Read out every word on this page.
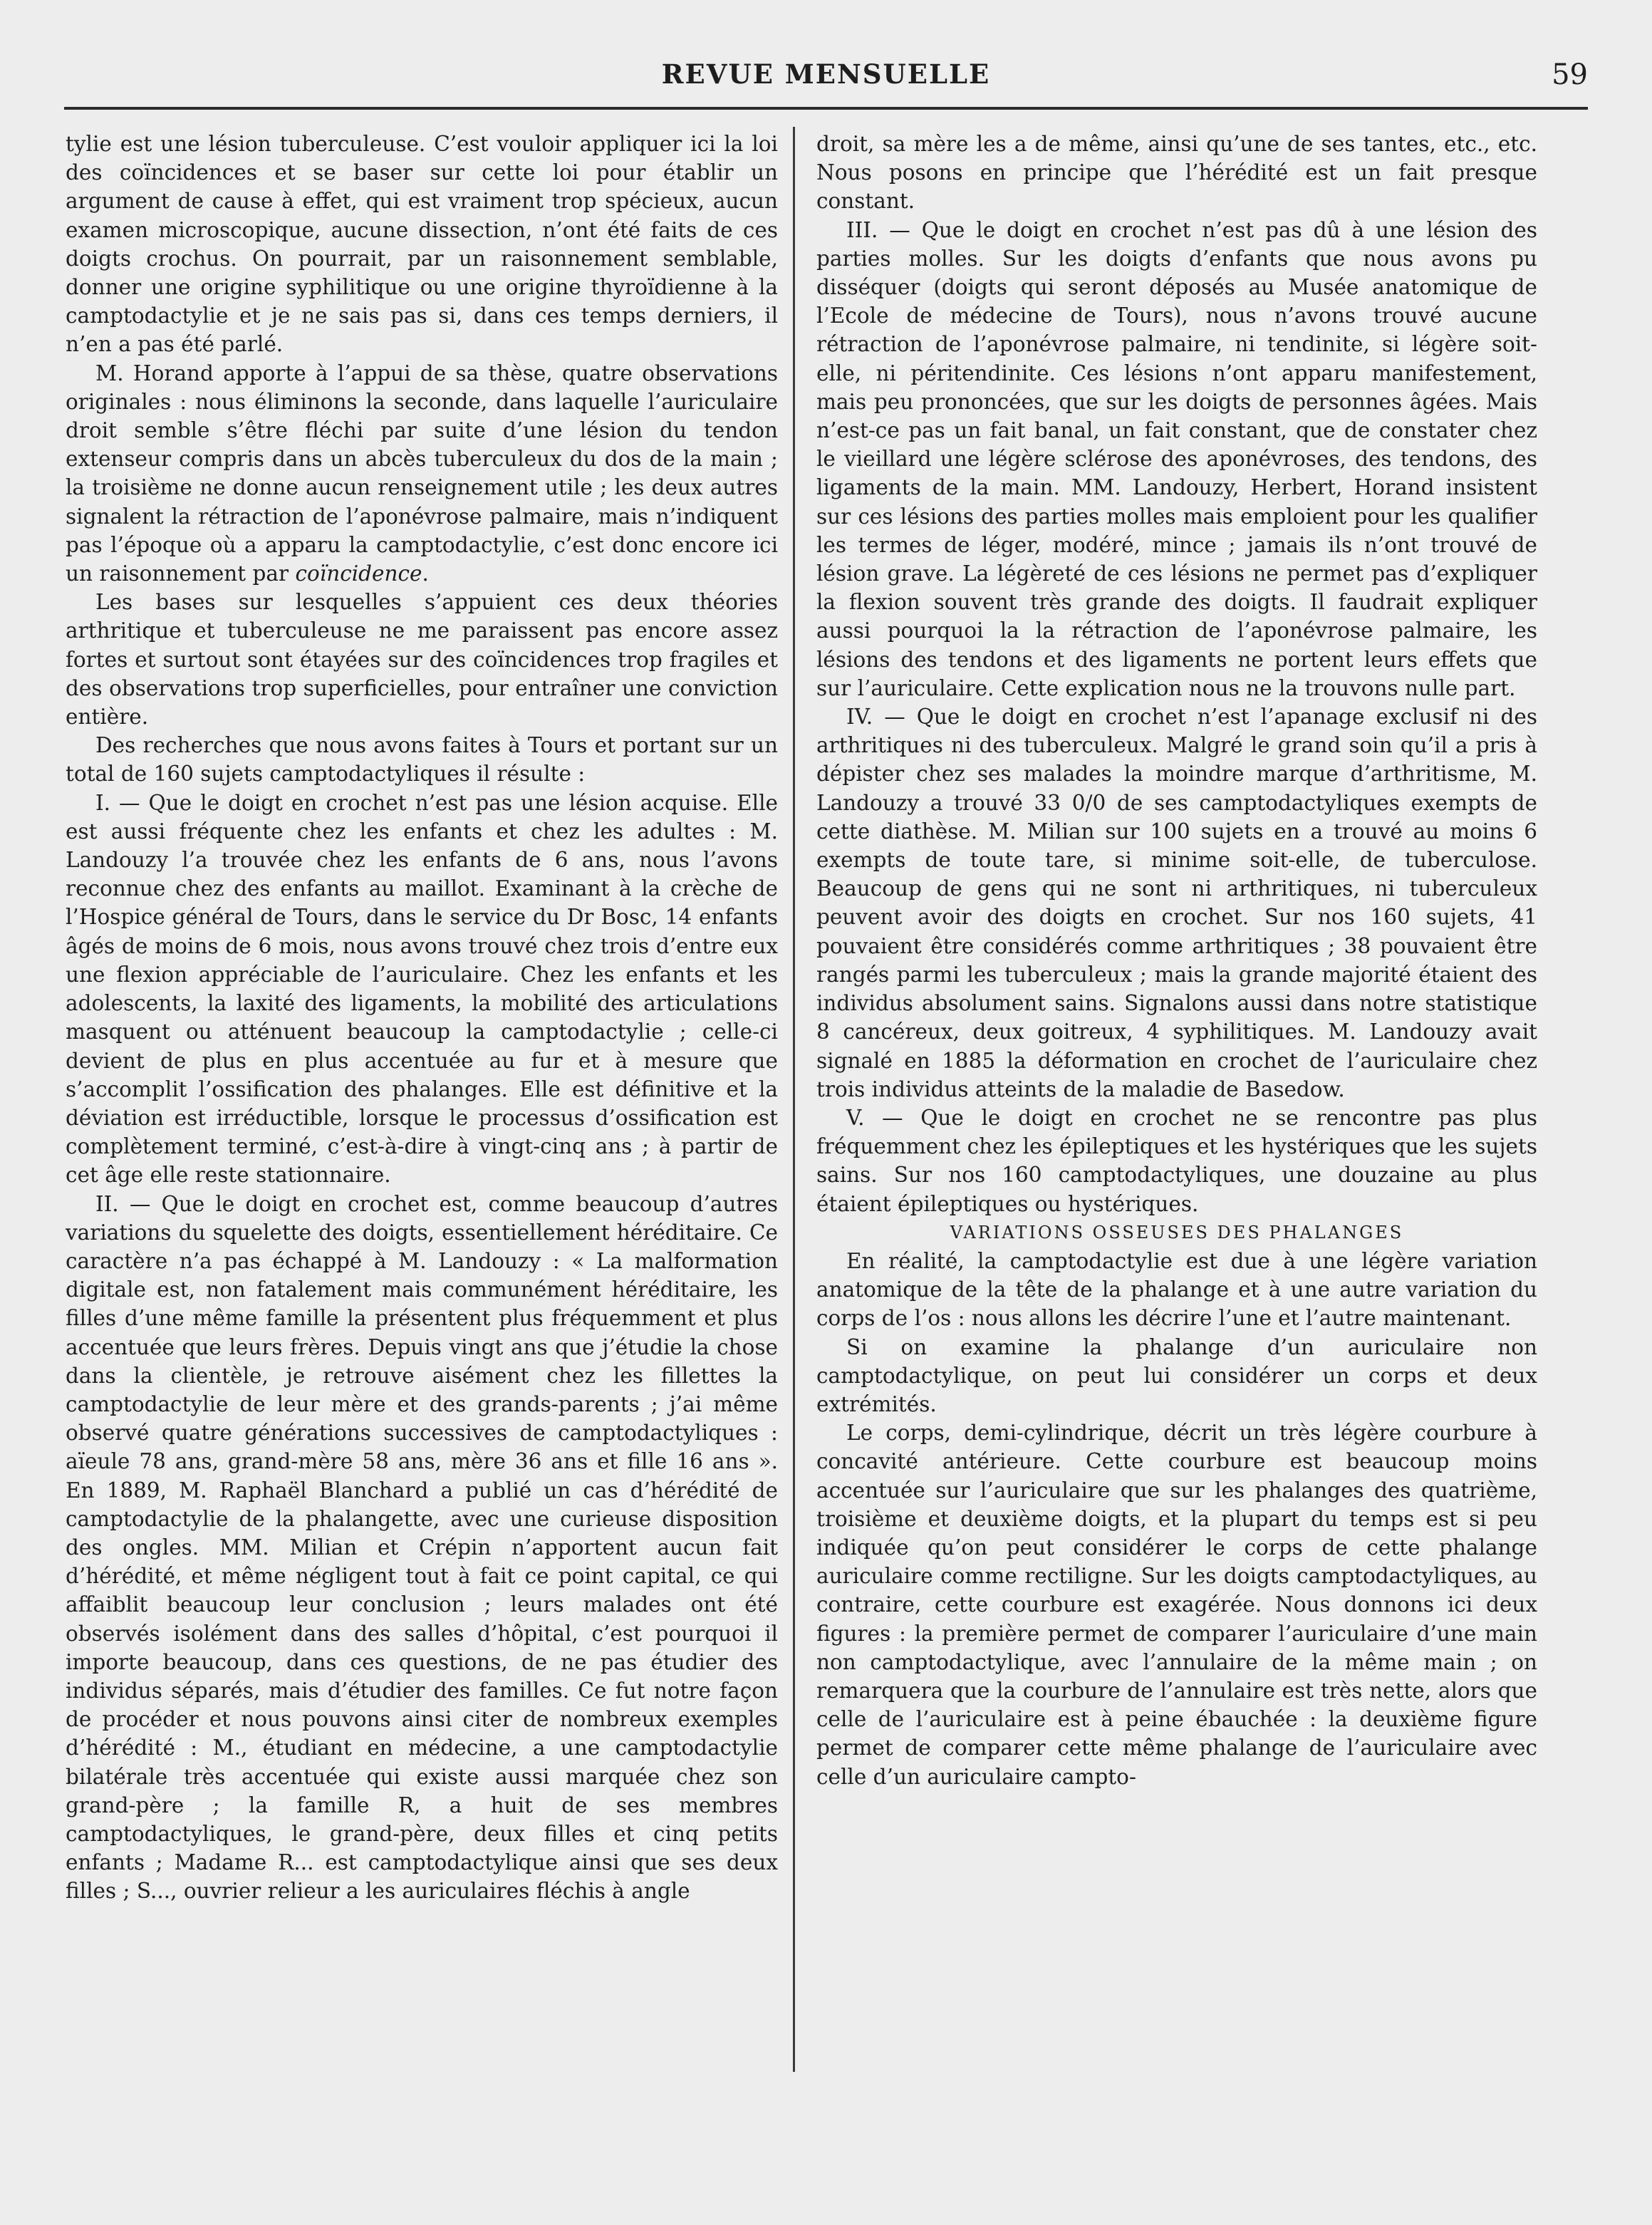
REVUE MENSUELLE	59

tylie est une lésion tuberculeuse. C’est vouloir appliquer ici la loi des coïncidences et se baser sur cette loi pour établir un argument de cause à effet, qui est vraiment trop spécieux, aucun examen microscopique, aucune dissection, n’ont été faits de ces doigts crochus. On pourrait, par un raisonnement semblable, donner une origine syphilitique ou une origine thyroïdienne à la camptodactylie et je ne sais pas si, dans ces temps derniers, il n’en a pas été parlé.

M. Horand apporte à l’appui de sa thèse, quatre observations originales : nous éliminons la seconde, dans laquelle l’auriculaire droit semble s’être fléchi par suite d’une lésion du tendon extenseur compris dans un abcès tuberculeux du dos de la main ; la troisième ne donne aucun renseignement utile ; les deux autres signalent la rétraction de l’aponévrose palmaire, mais n’indiquent pas l’époque où a apparu la camptodactylie, c’est donc encore ici un raisonnement par coïncidence.

Les bases sur lesquelles s’appuient ces deux théories arthritique et tuberculeuse ne me paraissent pas encore assez fortes et surtout sont étayées sur des coïncidences trop fragiles et des observations trop superficielles, pour entraîner une conviction entière.

Des recherches que nous avons faites à Tours et portant sur un total de 160 sujets camptodactyliques il résulte :

I. — Que le doigt en crochet n’est pas une lésion acquise. Elle est aussi fréquente chez les enfants et chez les adultes : M. Landouzy l’a trouvée chez les enfants de 6 ans, nous l’avons reconnue chez des enfants au maillot. Examinant à la crèche de l’Hospice général de Tours, dans le service du Dr Bosc, 14 enfants âgés de moins de 6 mois, nous avons trouvé chez trois d’entre eux une flexion appréciable de l’auriculaire. Chez les enfants et les adolescents, la laxité des ligaments, la mobilité des articulations masquent ou atténuent beaucoup la camptodactylie ; celle-ci devient de plus en plus accentuée au fur et à mesure que s’accomplit l’ossification des phalanges. Elle est définitive et la déviation est irréductible, lorsque le processus d’ossification est complètement terminé, c’est-à-dire à vingt-cinq ans ; à partir de cet âge elle reste stationnaire.

II. — Que le doigt en crochet est, comme beaucoup d’autres variations du squelette des doigts, essentiellement héréditaire. Ce caractère n’a pas échappé à M. Landouzy : « La malformation digitale est, non fatalement mais communément héréditaire, les filles d’une même famille la présentent plus fréquemment et plus accentuée que leurs frères. Depuis vingt ans que j’étudie la chose dans la clientèle, je retrouve aisément chez les fillettes la camptodactylie de leur mère et des grands-parents ; j’ai même observé quatre générations successives de camptodactyliques : aïeule 78 ans, grand-mère 58 ans, mère 36 ans et fille 16 ans ». En 1889, M. Raphaël Blanchard a publié un cas d’hérédité de camptodactylie de la phalangette, avec une curieuse disposition des ongles. MM. Milian et Crépin n’apportent aucun fait d’hérédité, et même négligent tout à fait ce point capital, ce qui affaiblit beaucoup leur conclusion ; leurs malades ont été observés isolément dans des salles d’hôpital, c’est pourquoi il importe beaucoup, dans ces questions, de ne pas étudier des individus séparés, mais d’étudier des familles. Ce fut notre façon de procéder et nous pouvons ainsi citer de nombreux exemples d’hérédité : M., étudiant en médecine, a une camptodactylie bilatérale très accentuée qui existe aussi marquée chez son grand-père ; la famille R, a huit de ses membres camptodactyliques, le grand-père, deux filles et cinq petits enfants ; Madame R... est camptodactylique ainsi que ses deux filles ; S..., ouvrier relieur a les auriculaires fléchis à angle

droit, sa mère les a de même, ainsi qu’une de ses tantes, etc., etc. Nous posons en principe que l’hérédité est un fait presque constant.

III. — Que le doigt en crochet n’est pas dû à une lésion des parties molles. Sur les doigts d’enfants que nous avons pu disséquer (doigts qui seront déposés au Musée anatomique de l’Ecole de médecine de Tours), nous n’avons trouvé aucune rétraction de l’aponévrose palmaire, ni tendinite, si légère soit-elle, ni péritendinite. Ces lésions n’ont apparu manifestement, mais peu prononcées, que sur les doigts de personnes âgées. Mais n’est-ce pas un fait banal, un fait constant, que de constater chez le vieillard une légère sclérose des aponévroses, des tendons, des ligaments de la main. MM. Landouzy, Herbert, Horand insistent sur ces lésions des parties molles mais emploient pour les qualifier les termes de léger, modéré, mince ; jamais ils n’ont trouvé de lésion grave. La légèreté de ces lésions ne permet pas d’expliquer la flexion souvent très grande des doigts. Il faudrait expliquer aussi pourquoi la la rétraction de l’aponévrose palmaire, les lésions des tendons et des ligaments ne portent leurs effets que sur l’auriculaire. Cette explication nous ne la trouvons nulle part.

IV. — Que le doigt en crochet n’est l’apanage exclusif ni des arthritiques ni des tuberculeux. Malgré le grand soin qu’il a pris à dépister chez ses malades la moindre marque d’arthritisme, M. Landouzy a trouvé 33 0/0 de ses camptodactyliques exempts de cette diathèse. M. Milian sur 100 sujets en a trouvé au moins 6 exempts de toute tare, si minime soit-elle, de tuberculose. Beaucoup de gens qui ne sont ni arthritiques, ni tuberculeux peuvent avoir des doigts en crochet. Sur nos 160 sujets, 41 pouvaient être considérés comme arthritiques ; 38 pouvaient être rangés parmi les tuberculeux ; mais la grande majorité étaient des individus absolument sains. Signalons aussi dans notre statistique 8 cancéreux, deux goitreux, 4 syphilitiques. M. Landouzy avait signalé en 1885 la déformation en crochet de l’auriculaire chez trois individus atteints de la maladie de Basedow.

V. — Que le doigt en crochet ne se rencontre pas plus fréquemment chez les épileptiques et les hystériques que les sujets sains. Sur nos 160 camptodactyliques, une douzaine au plus étaient épileptiques ou hystériques.

VARIATIONS OSSEUSES DES PHALANGES

En réalité, la camptodactylie est due à une légère variation anatomique de la tête de la phalange et à une autre variation du corps de l’os : nous allons les décrire l’une et l’autre maintenant.

Si on examine la phalange d’un auriculaire non camptodactylique, on peut lui considérer un corps et deux extrémités.

Le corps, demi-cylindrique, décrit un très légère courbure à concavité antérieure. Cette courbure est beaucoup moins accentuée sur l’auriculaire que sur les phalanges des quatrième, troisième et deuxième doigts, et la plupart du temps est si peu indiquée qu’on peut considérer le corps de cette phalange auriculaire comme rectiligne. Sur les doigts camptodactyliques, au contraire, cette courbure est exagérée. Nous donnons ici deux figures : la première permet de comparer l’auriculaire d’une main non camptodactylique, avec l’annulaire de la même main ; on remarquera que la courbure de l’annulaire est très nette, alors que celle de l’auriculaire est à peine ébauchée : la deuxième figure permet de comparer cette même phalange de l’auriculaire avec celle d’un auriculaire campto-
